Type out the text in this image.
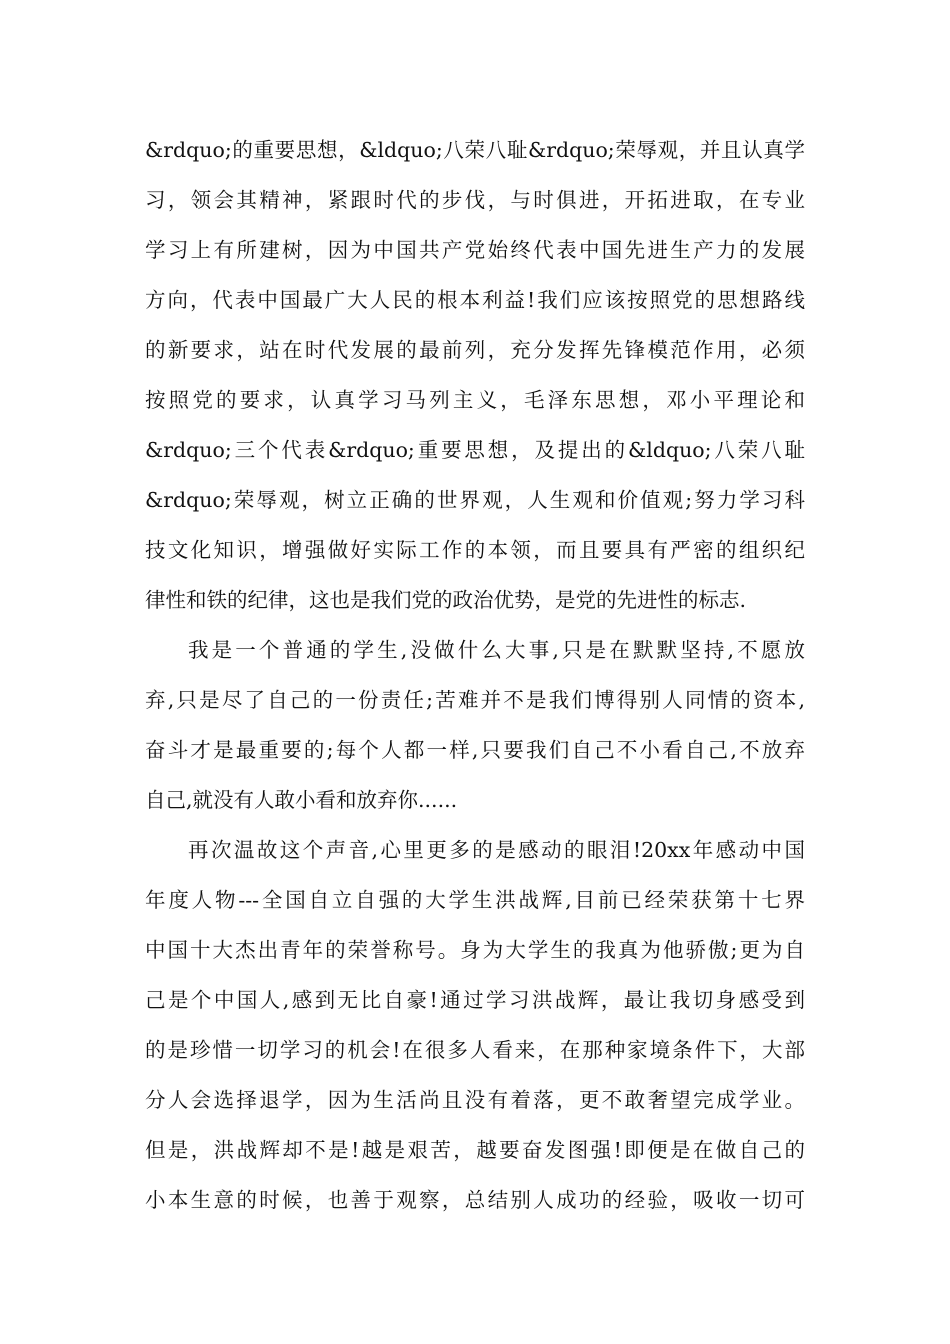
&rdquo;的重要思想，&ldquo;八荣八耻&rdquo;荣辱观，并且认真学
习，领会其精神，紧跟时代的步伐，与时俱进，开拓进取，在专业
学习上有所建树，因为中国共产党始终代表中国先进生产力的发展
方向，代表中国最广大人民的根本利益!我们应该按照党的思想路线
的新要求，站在时代发展的最前列，充分发挥先锋模范作用，必须
按照党的要求，认真学习马列主义，毛泽东思想，邓小平理论和
&rdquo;三个代表&rdquo;重要思想，及提出的&ldquo;八荣八耻
&rdquo;荣辱观，树立正确的世界观，人生观和价值观;努力学习科
技文化知识，增强做好实际工作的本领，而且要具有严密的组织纪
律性和铁的纪律，这也是我们党的政治优势，是党的先进性的标志.
我是一个普通的学生,没做什么大事,只是在默默坚持,不愿放
弃,只是尽了自己的一份责任;苦难并不是我们博得别人同情的资本,
奋斗才是最重要的;每个人都一样,只要我们自己不小看自己,不放弃
自己,就没有人敢小看和放弃你......
再次温故这个声音,心里更多的是感动的眼泪!20xx年感动中国
年度人物---全国自立自强的大学生洪战辉,目前已经荣获第十七界
中国十大杰出青年的荣誉称号。身为大学生的我真为他骄傲;更为自
己是个中国人,感到无比自豪!通过学习洪战辉，最让我切身感受到
的是珍惜一切学习的机会!在很多人看来，在那种家境条件下，大部
分人会选择退学，因为生活尚且没有着落，更不敢奢望完成学业。
但是，洪战辉却不是!越是艰苦，越要奋发图强!即便是在做自己的
小本生意的时候，也善于观察，总结别人成功的经验，吸收一切可
